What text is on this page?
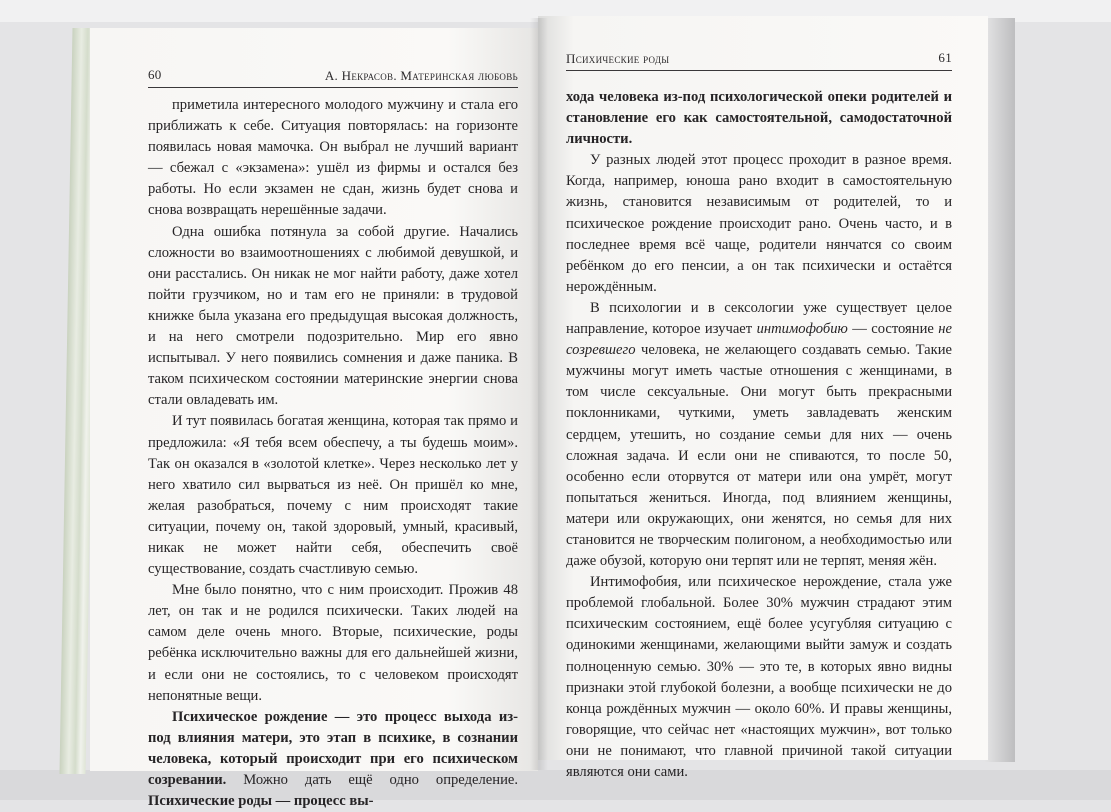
60	А. Некрасов. Материнская любовь

приметила интересного молодого мужчину и стала его приближать к себе. Ситуация повторялась: на горизонте появилась новая мамочка. Он выбрал не лучший вариант — сбежал с «экзамена»: ушёл из фирмы и остался без работы. Но если экзамен не сдан, жизнь будет снова и снова возвращать нерешённые задачи.

Одна ошибка потянула за собой другие. Начались сложности во взаимоотношениях с любимой девушкой, и они расстались. Он никак не мог найти работу, даже хотел пойти грузчиком, но и там его не приняли: в трудовой книжке была указана его предыдущая высокая должность, и на него смотрели подозрительно. Мир его явно испытывал. У него появились сомнения и даже паника. В таком психическом состоянии материнские энергии снова стали овладевать им.

И тут появилась богатая женщина, которая так прямо и предложила: «Я тебя всем обеспечу, а ты будешь моим». Так он оказался в «золотой клетке». Через несколько лет у него хватило сил вырваться из неё. Он пришёл ко мне, желая разобраться, почему с ним происходят такие ситуации, почему он, такой здоровый, умный, красивый, никак не может найти себя, обеспечить своё существование, создать счастливую семью.

Мне было понятно, что с ним происходит. Прожив 48 лет, он так и не родился психически. Таких людей на самом деле очень много. Вторые, психические, роды ребёнка исключительно важны для его дальнейшей жизни, и если они не состоялись, то с человеком происходят непонятные вещи.

Психическое рождение — это процесс выхода из-под влияния матери, это этап в психике, в сознании человека, который происходит при его психическом созревании. Можно дать ещё одно определение. Психические роды — процесс вы-

Психические роды	61

хода человека из-под психологической опеки родителей и становление его как самостоятельной, самодостаточной личности.

У разных людей этот процесс проходит в разное время. Когда, например, юноша рано входит в самостоятельную жизнь, становится независимым от родителей, то и психическое рождение происходит рано. Очень часто, и в последнее время всё чаще, родители нянчатся со своим ребёнком до его пенсии, а он так психически и остаётся нерождённым.

В психологии и в сексологии уже существует целое направление, которое изучает интимофобию — состояние не созревшего человека, не желающего создавать семью. Такие мужчины могут иметь частые отношения с женщинами, в том числе сексуальные. Они могут быть прекрасными поклонниками, чуткими, уметь завладевать женским сердцем, утешить, но создание семьи для них — очень сложная задача. И если они не спиваются, то после 50, особенно если оторвутся от матери или она умрёт, могут попытаться жениться. Иногда, под влиянием женщины, матери или окружающих, они женятся, но семья для них становится не творческим полигоном, а необходимостью или даже обузой, которую они терпят или не терпят, меняя жён.

Интимофобия, или психическое нерождение, стала уже проблемой глобальной. Более 30% мужчин страдают этим психическим состоянием, ещё более усугубляя ситуацию с одинокими женщинами, желающими выйти замуж и создать полноценную семью. 30% — это те, в которых явно видны признаки этой глубокой болезни, а вообще психически не до конца рождённых мужчин — около 60%. И правы женщины, говорящие, что сейчас нет «настоящих мужчин», вот только они не понимают, что главной причиной такой ситуации являются они сами.
